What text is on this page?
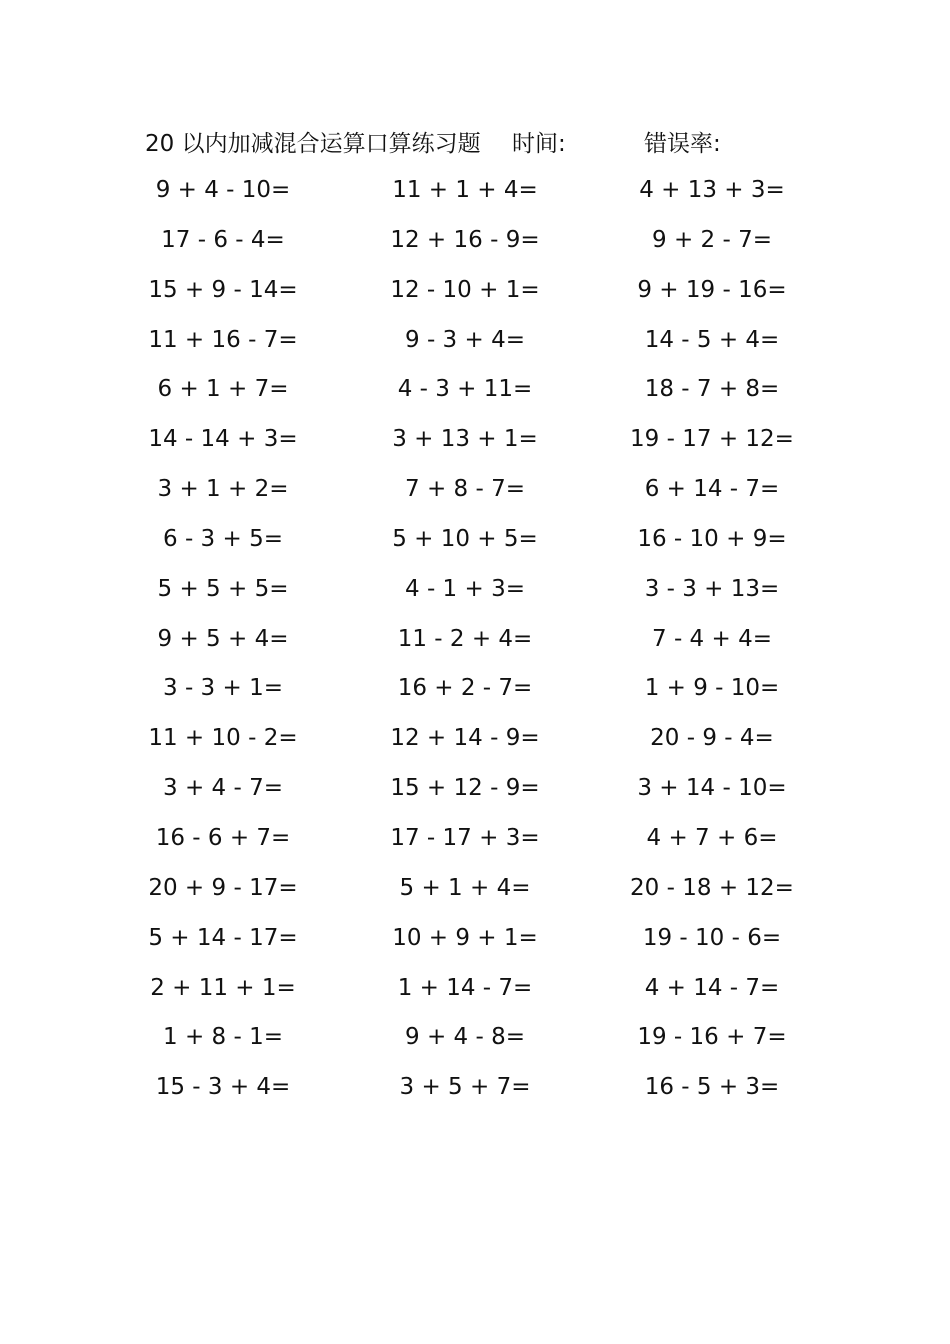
20 以内加减混合运算口算练习题 时间:	错误率:
9 + 4 - 10=	11 + 1 + 4=	4 + 13 + 3=
17 - 6 - 4=	12 + 16 - 9=	9 + 2 - 7=
15 + 9 - 14=	12 - 10 + 1=	9 + 19 - 16=
11 + 16 - 7=	9 - 3 + 4=	14 - 5 + 4=
6 + 1 + 7=	4 - 3 + 11=	18 - 7 + 8=
14 - 14 + 3=	3 + 13 + 1=	19 - 17 + 12=
3 + 1 + 2=	7 + 8 - 7=	6 + 14 - 7=
6 - 3 + 5=	5 + 10 + 5=	16 - 10 + 9=
5 + 5 + 5=	4 - 1 + 3=	3 - 3 + 13=
9 + 5 + 4=	11 - 2 + 4=	7 - 4 + 4=
3 - 3 + 1=	16 + 2 - 7=	1 + 9 - 10=
11 + 10 - 2=	12 + 14 - 9=	20 - 9 - 4=
3 + 4 - 7=	15 + 12 - 9=	3 + 14 - 10=
16 - 6 + 7=	17 - 17 + 3=	4 + 7 + 6=
20 + 9 - 17=	5 + 1 + 4=	20 - 18 + 12=
5 + 14 - 17=	10 + 9 + 1=	19 - 10 - 6=
2 + 11 + 1=	1 + 14 - 7=	4 + 14 - 7=
1 + 8 - 1=	9 + 4 - 8=	19 - 16 + 7=
15 - 3 + 4=	3 + 5 + 7=	16 - 5 + 3=
